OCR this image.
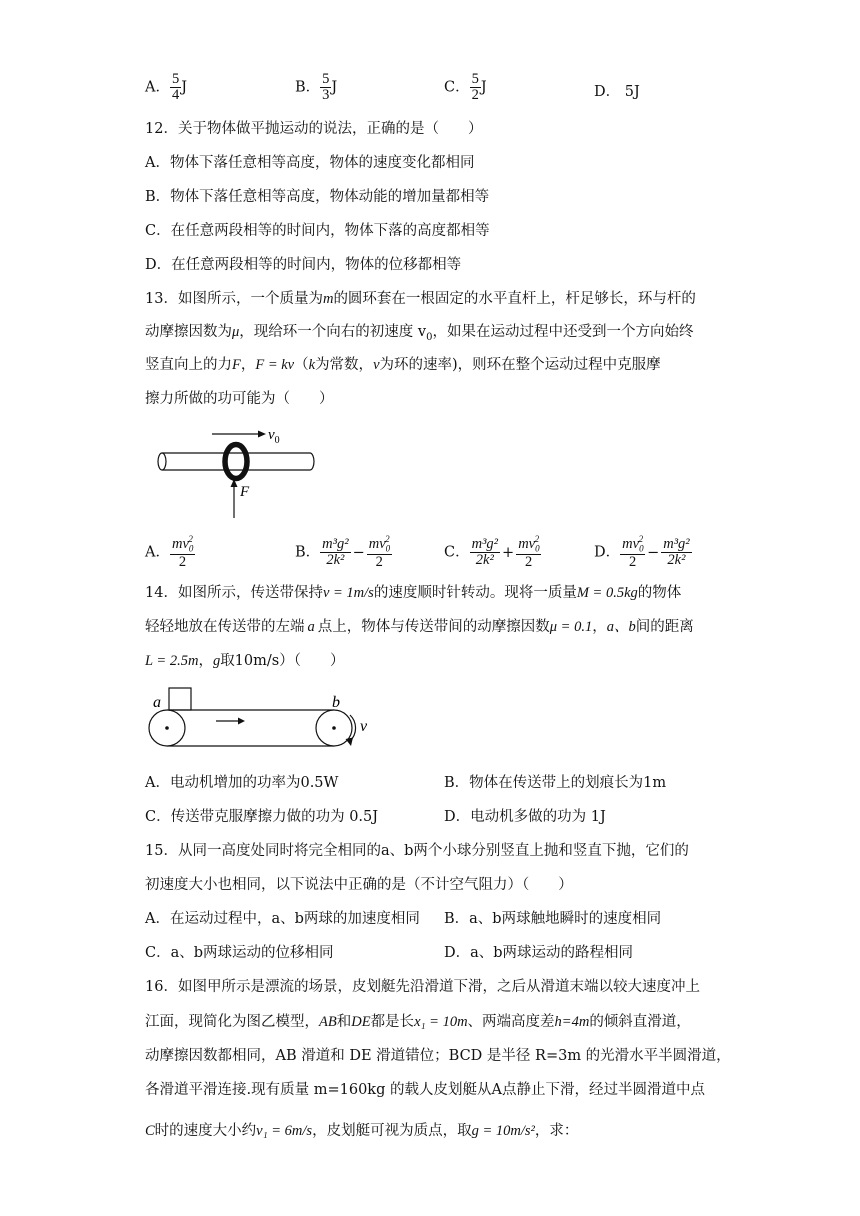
A． $\frac{5}{4}$ J	B． $\frac{5}{3}$ J	C． $\frac{5}{2}$ J	D． 5J
12．关于物体做平抛运动的说法，正确的是（　　）
A．物体下落任意相等高度，物体的速度变化都相同
B．物体下落任意相等高度，物体动能的增加量都相等
C．在任意两段相等的时间内，物体下落的高度都相等
D．在任意两段相等的时间内，物体的位移都相等
13．如图所示，一个质量为m的圆环套在一根固定的水平直杆上，杆足够长，环与杆的
动摩擦因数为μ，现给环一个向右的初速度 $v_0$，如果在运动过程中还受到一个方向始终
竖直向上的力F，F = kv（k为常数，v为环的速率)，则环在整个运动过程中克服摩
擦力所做的功可能为（　　）
$v_0$
F
A． $\frac{mv_0^2}{2}$	B． $\frac{\text{m³g²}}{\text{2k²}} - \frac{mv_0^2}{2}$	C． $\frac{\text{m³g²}}{\text{2k²}} + \frac{mv_0^2}{2}$	D． $\frac{mv_0^2}{2} - \frac{\text{m³g²}}{\text{2k²}}$
14．如图所示，传送带保持v = 1m/s的速度顺时针转动。现将一质量M = 0.5kg的物体
轻轻地放在传送带的左端 a 点上，物体与传送带间的动摩擦因数μ = 0.1，a、b间的距离
L = 2.5m，g取10m/s）（　　）
a	b
v
A．电动机增加的功率为0.5W	B．物体在传送带上的划痕长为1m
C．传送带克服摩擦力做的功为 0.5J	D．电动机多做的功为 1J
15．从同一高度处同时将完全相同的a、b两个小球分别竖直上抛和竖直下抛，它们的
初速度大小也相同，以下说法中正确的是（不计空气阻力）（　　）
A．在运动过程中，a、b两球的加速度相同 B．a、b两球触地瞬时的速度相同
C．a、b两球运动的位移相同	D．a、b两球运动的路程相同
16．如图甲所示是漂流的场景，皮划艇先沿滑道下滑，之后从滑道末端以较大速度冲上
江面，现简化为图乙模型，AB和DE都是长x₁ = 10m、两端高度差h=4m的倾斜直滑道，
动摩擦因数都相同，AB 滑道和 DE 滑道错位；BCD 是半径 R=3m 的光滑水平半圆滑道，
各滑道平滑连接.现有质量 m=160kg 的载人皮划艇从A点静止下滑，经过半圆滑道中点
C时的速度大小约v₁ = 6m/s，皮划艇可视为质点，取g = 10m/s²，求：
